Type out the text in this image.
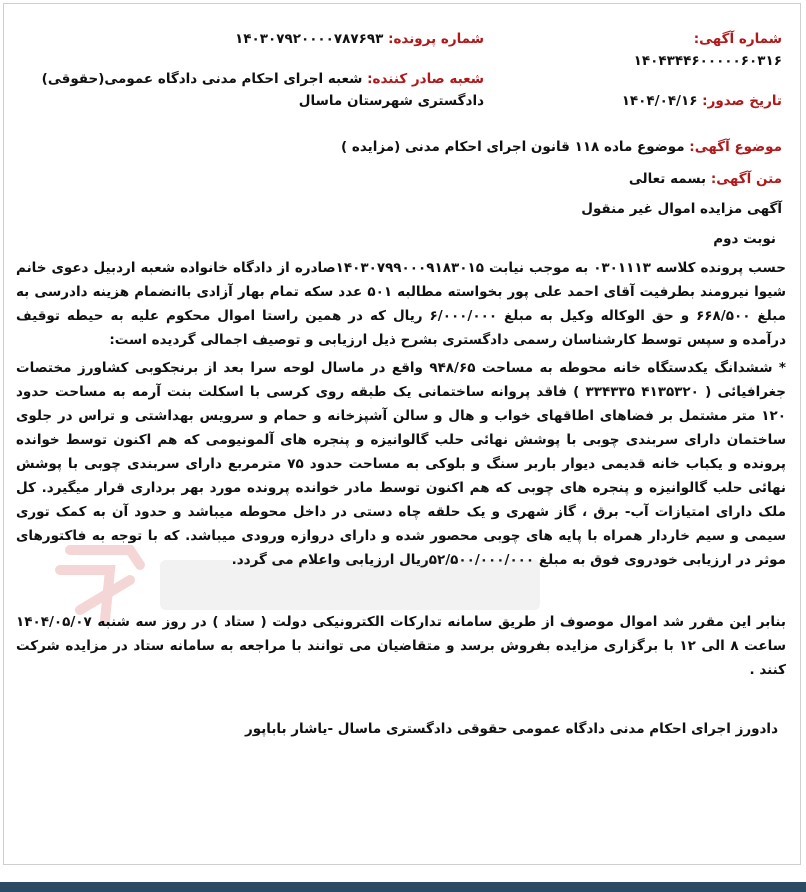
شماره آگهی: ۱۴۰۴۳۴۴۶۰۰۰۰۰۶۰۳۱۶
تاریخ صدور: ۱۴۰۴/۰۴/۱۶
شماره پرونده: ۱۴۰۳۰۷۹۲۰۰۰۰۷۸۷۶۹۳
شعبه صادر کننده: شعبه اجرای احکام مدنی دادگاه عمومی(حقوقی) دادگستری شهرستان ماسال
موضوع آگهی: موضوع ماده ۱۱۸ قانون اجرای احکام مدنی (مزایده )
متن آگهی: بسمه تعالی
آگهی مزایده اموال غیر منقول
نوبت دوم
حسب پرونده کلاسه ۰۳۰۱۱۱۳ به موجب نیابت ۱۴۰۳۰۷۹۹۰۰۰۹۱۸۳۰۱۵صادره از دادگاه خانواده شعبه اردبیل دعوی خانم شیوا نیرومند بطرفیت آقای احمد علی پور بخواسته مطالبه ۵۰۱ عدد سکه تمام بهار آزادی باانضمام هزینه دادرسی به مبلغ ۶۶۸/۵۰۰ و حق الوکاله وکیل به مبلغ ۶/۰۰۰/۰۰۰ ریال که در همین راستا اموال محکوم علیه به حیطه توقیف درآمده و سپس توسط کارشناسان رسمی دادگستری بشرح ذیل ارزیابی و توصیف اجمالی گردیده است:
* ششدانگ یکدستگاه خانه محوطه به مساحت ۹۴۸/۶۵ واقع در ماسال لوحه سرا بعد از برنجکوبی کشاورز مختصات جغرافیائی ( ۴۱۳۵۳۲۰ ۳۳۴۳۳۵ ) فاقد پروانه ساختمانی یک طبقه روی کرسی با اسکلت بنت آرمه به مساحت حدود ۱۲۰ متر مشتمل بر فضاهای اطاقهای خواب و هال و سالن آشپزخانه و حمام و سرویس بهداشتی و تراس در جلوی ساختمان دارای سربندی چوبی با پوشش نهائی حلب گالوانیزه و پنجره های آلمونیومی که هم اکنون توسط خوانده پرونده و یکباب خانه قدیمی دیوار باربر سنگ و بلوکی به مساحت حدود ۷۵ مترمربع دارای سربندی چوبی با پوشش نهائی حلب گالوانیزه و پنجره های چوبی که هم اکنون توسط مادر خوانده پرونده مورد بهر برداری قرار میگیرد. کل ملک دارای امتیازات آب- برق ، گاز شهری و یک حلقه چاه دستی در داخل محوطه میباشد و حدود آن به کمک توری سیمی و سیم خاردار همراه با پایه های چوبی محصور شده و دارای دروازه ورودی میباشد. که با توجه به فاکتورهای موثر در ارزیابی خودروی فوق به مبلغ ۵۲/۵۰۰/۰۰۰/۰۰۰ریال ارزیابی واعلام می گردد.
بنابر این مقرر شد اموال موصوف از طریق سامانه تدارکات الکترونیکی دولت ( ستاد ) در روز سه شنبه ۱۴۰۴/۰۵/۰۷ ساعت ۸ الی ۱۲ با برگزاری مزایده بفروش برسد و متقاضیان می توانند با مراجعه به سامانه ستاد در مزایده شرکت کنند .
دادورز اجرای احکام مدنی دادگاه عمومی حقوقی دادگستری ماسال -یاشار باباپور
